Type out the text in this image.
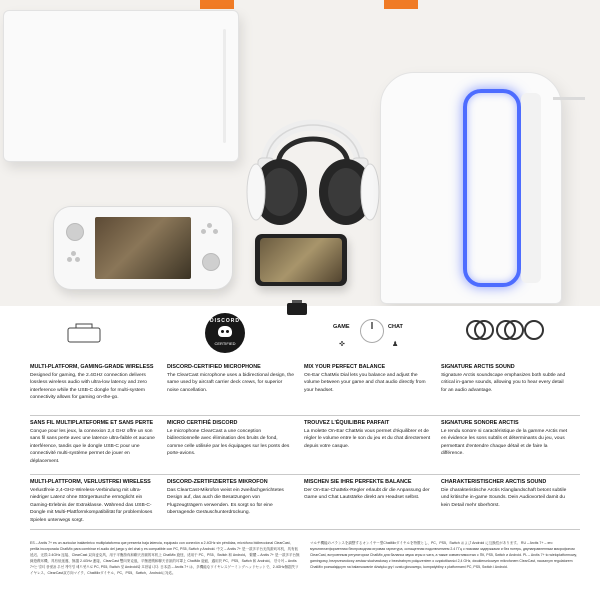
DISCORD
CERTIFIED
GAME	CHAT
✜	♟
MULTI-PLATFORM, GAMING-GRADE WIRELESS

Designed for gaming, the 2.4GHz connection delivers lossless wireless audio with ultra-low latency and zero interference while the USB-C dongle for multi-system connectivity allows for gaming on-the-go.

DISCORD-CERTIFIED MICROPHONE

The ClearCast microphone uses a bidirectional design, the same used by aircraft carrier deck crews, for superior noise cancellation.

MIX YOUR PERFECT BALANCE

On-Ear ChatMix Dial lets you balance and adjust the volume between your game and chat audio directly from your headset.

SIGNATURE ARCTIS SOUND

Signature Arctis soundscape emphasizes both subtle and critical in-game sounds, allowing you to hear every detail for an audio advantage.

SANS FIL MULTIPLATEFORME ET SANS PERTE

Conçue pour les jeux, la connexion 2,4 GHz offre un son sans fil sans perte avec une latence ultra-faible et aucune interférence, tandis que le dongle USB-C pour une connectivité multi-système permet de jouer en déplacement.

MICRO CERTIFIÉ DISCORD

Le microphone ClearCast a une conception bidirectionnelle avec élimination des bruits de fond, comme celle utilisée par les équipages sur les ponts des porte-avions.

TROUVEZ L'ÉQUILIBRE PARFAIT

La molette On-Ear ChatMix vous permet d'équilibrer et de régler le volume entre le son du jeu et du chat directement depuis votre casque.

SIGNATURE SONORE ARCTIS

Le rendu sonore si caractéristique de la gamme Arctis met en évidence les sons subtils et déterminants du jeu, vous permettant d'entendre chaque détail et de faire la différence.

MULTI-PLATTFORM, VERLUSTFREI WIRELESS

Verlustfreie 2,4-GHz-Wireless-Verbindung mit ultra-niedriger Latenz ohne Störgeräusche ermöglicht ein Gaming-Erlebnis der Extraklasse. Während das USB-C-Dongle mit Multi-Plattformkompatibilität für problemloses Spielen unterwegs sorgt.

DISCORD-ZERTIFIZIERTES MIKROFON

Das ClearCast-Mikrofon weist ein zweifachgerichtetes Design auf, das auch die Besatzungen von Flugzeugträgern verwenden. Es sorgt so für eine überragende Geräuschunterdrückung.

MISCHEN SIE IHRE PERFEKTE BALANCE

Der On-Ear-ChatMix-Regler erlaubt dir die Anpassung der Game und Chat Lautstärke direkt am Headset selbst.

CHARAKTERISTISCHER ARCTIS SOUND

Die charakteristische Arctis Klanglandschaft betont subtile und kritische in-game Sounds. Dein Audiovorteil damit du kein Detail mehr überhörst.

ES – Arctis 7+ es un auricular inalámbrico multiplataforma que presenta baja latencia, equipado con conexión a 2.4GHz sin pérdidas, micrófono bidireccional ClearCast, perilla incorporada ChatMix para combinar el audio del juego y del chat y es compatible con PC, PS5, Switch y Android. 中文 – Arctis 7+ 是一款多平台无线游戏耳机，具有低延迟、无损 2.4GHz 连接、ClearCast 双向麦克风，用于平衡游戏和聊天音频的耳机上 ChatMix 旋钮，适用于 PC、PS5、Switch 和 Android。 繁體 – Arctis 7+ 是一款多平台無線遊戲耳機，具有低延遲、無損 2.4GHz 連接、ClearCast 雙向麥克風，平衡遊戲和聊天音訊的耳罩上 ChatMix 旋鈕，適用於 PC、PS5、Switch 和 Android。 한국어 – Arctis 7+는 멀티 플랫폼 무선 게이밍 헤드셋으로 PC, PS5, Switch 및 Android와 호환됩니다. 日本語 – Arctis 7+ は、多機能なワイヤレスゲーミングヘッドセットで、2.4GHz無損失ワイヤレス、ClearCast双方向マイク、ChatMixダイヤル、PC、PS5、Switch、Androidに対応。
マルチ機能のバランスを調整するオンイヤー型ChatMixダイヤルを特徴とし、PC、PS5、Switch および Android に互換性があります。 RU – Arctis 7+ – это мультиплатформенная беспроводная игровая гарнитура, оснащенная подключением 2.4 ГГц с низкими задержками и без потерь, двунаправленным микрофоном ClearCast, встроенным регулятором ChatMix для баланса звука игры и чата, а также совместимостью с ПК, PS5, Switch и Android. PL – Arctis 7+ to wieloplatformowy, gamingowy, bezprzewodowy zestaw słuchawkowy z bezstratnym połączeniem o częstotliwości 2,4 GHz, dwukierunkowym mikrofonem ClearCast, nausznym regulatorem ChatMix pozwalającym na balansowanie dźwięku gry i czatu głosowego, kompatybilny z platformami PC, PS5, Switch i Android.
